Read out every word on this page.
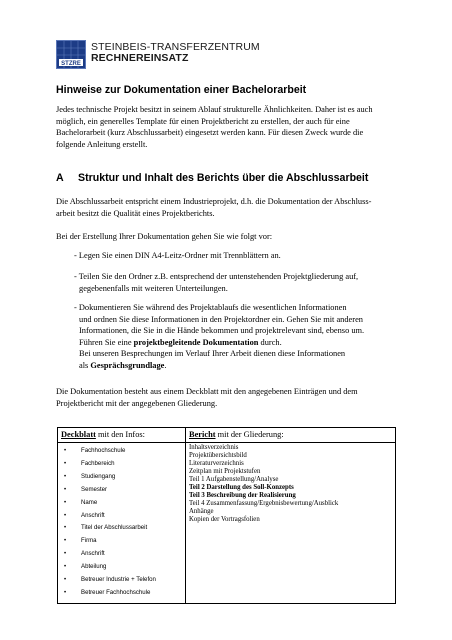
STZRE
STEINBEIS-TRANSFERZENTRUM
RECHNEREINSATZ
Hinweise zur Dokumentation einer Bachelorarbeit

Jedes technische Projekt besitzt in seinem Ablauf strukturelle Ähnlichkeiten. Daher ist es auch
möglich, ein generelles Template für einen Projektbericht zu erstellen, der auch für eine
Bachelorarbeit (kurz Abschlussarbeit) eingesetzt werden kann. Für diesen Zweck wurde die
folgende Anleitung erstellt.

A Struktur und Inhalt des Berichts über die Abschlussarbeit

Die Abschlussarbeit entspricht einem Industrieprojekt, d.h. die Dokumentation der Abschluss-
arbeit besitzt die Qualität eines Projektberichts.

Bei der Erstellung Ihrer Dokumentation gehen Sie wie folgt vor:

- Legen Sie einen DIN A4-Leitz-Ordner mit Trennblättern an.

- Teilen Sie den Ordner z.B. entsprechend der untenstehenden Projektgliederung auf,
gegebenenfalls mit weiteren Unterteilungen.

- Dokumentieren Sie während des Projektablaufs die wesentlichen Informationen
und ordnen Sie diese Informationen in den Projektordner ein. Gehen Sie mit anderen
Informationen, die Sie in die Hände bekommen und projektrelevant sind, ebenso um.
Führen Sie eine projektbegleitende Dokumentation durch.
Bei unseren Besprechungen im Verlauf Ihrer Arbeit dienen diese Informationen
als Gesprächsgrundlage.

Die Dokumentation besteht aus einem Deckblatt mit den angegebenen Einträgen und dem
Projektbericht mit der angegebenen Gliederung.

Deckblatt mit den Infos:
• Fachhochschule
• Fachbereich
• Studiengang
• Semester
• Name
• Anschrift
• Titel der Abschlussarbeit
• Firma
• Anschrift
• Abteilung
• Betreuer Industrie + Telefon
• Betreuer Fachhochschule
Bericht mit der Gliederung:
Inhaltsverzeichnis
Projektübersichtsbild
Literaturverzeichnis
Zeitplan mit Projektstufen
Teil 1 Aufgabenstellung/Analyse
Teil 2 Darstellung des Soll-Konzepts
Teil 3 Beschreibung der Realisierung
Teil 4 Zusammenfassung/Ergebnisbewertung/Ausblick
Anhänge
Kopien der Vortragsfolien
